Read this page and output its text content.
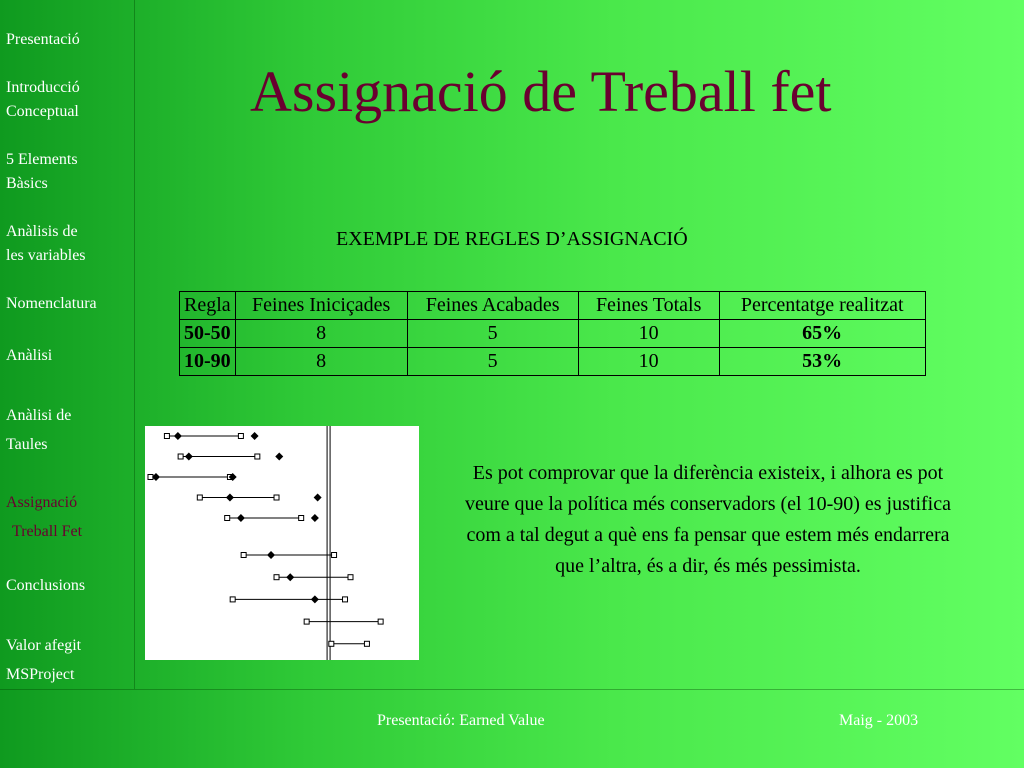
Presentació
Introducció
Conceptual
5 Elements
Bàsics
Anàlisis de
les variables
Nomenclatura
Anàlisi
Anàlisi de
Taules
Assignació
Treball Fet
Conclusions
Valor afegit
MSProject
Assignació de Treball fet
EXEMPLE DE REGLES D’ASSIGNACIÓ
Regla	Feines Iniciçades	Feines Acabades	Feines Totals	Percentatge realitzat
50-50	8	5	10	65%
10-90	8	5	10	53%
Es pot comprovar que la diferència existeix, i alhora es pot veure que la política més conservadors (el 10-90) es justifica com a tal degut a què ens fa pensar que estem més endarrera que l’altra, és a dir, és més pessimista.
Presentació: Earned Value	Maig - 2003
